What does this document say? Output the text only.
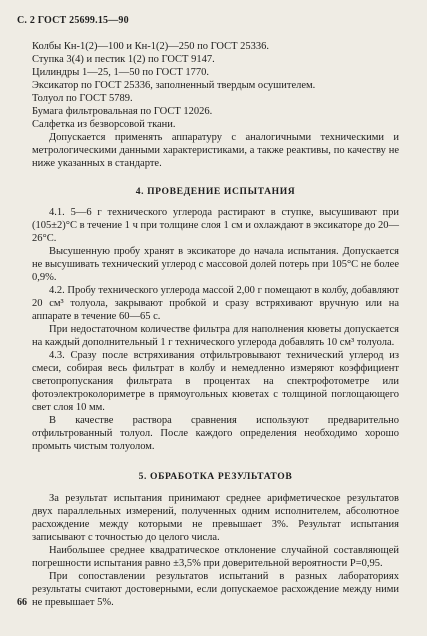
С. 2 ГОСТ 25699.15—90

Колбы Кн-1(2)—100 и Кн-1(2)—250 по ГОСТ 25336.

Ступка 3(4) и пестик 1(2) по ГОСТ 9147.

Цилиндры 1—25, 1—50 по ГОСТ 1770.

Эксикатор по ГОСТ 25336, заполненный твердым осушителем.

Толуол по ГОСТ 5789.

Бумага фильтровальная по ГОСТ 12026.

Салфетка из безворсовой ткани.

Допускается применять аппаратуру с аналогичными техническими и метрологическими данными характеристиками, а также реактивы, по качеству не ниже указанных в стандарте.

4. ПРОВЕДЕНИЕ ИСПЫТАНИЯ

4.1. 5—6 г технического углерода растирают в ступке, высушивают при (105±2)°С в течение 1 ч при толщине слоя 1 см и охлаждают в эксикаторе до 20—26°С.

Высушенную пробу хранят в эксикаторе до начала испытания. Допускается не высушивать технический углерод с массовой долей потерь при 105°С не более 0,9%.

4.2. Пробу технического углерода массой 2,00 г помещают в колбу, добавляют 20 см³ толуола, закрывают пробкой и сразу встряхивают вручную или на аппарате в течение 60—65 с.

При недостаточном количестве фильтра для наполнения кюветы допускается на каждый дополнительный 1 г технического углерода добавлять 10 см³ толуола.

4.3. Сразу после встряхивания отфильтровывают технический углерод из смеси, собирая весь фильтрат в колбу и немедленно измеряют коэффициент светопропускания фильтрата в процентах на спектрофотометре или фотоэлектроколориметре в прямоугольных кюветах с толщиной поглощающего свет слоя 10 мм.

В качестве раствора сравнения используют предварительно отфильтрованный толуол. После каждого определения необходимо хорошо промыть чистым толуолом.

5. ОБРАБОТКА РЕЗУЛЬТАТОВ

За результат испытания принимают среднее арифметическое результатов двух параллельных измерений, полученных одним исполнителем, абсолютное расхождение между которыми не превышает 3%. Результат испытания записывают с точностью до целого числа.

Наибольшее среднее квадратическое отклонение случайной составляющей погрешности испытания равно ±3,5% при доверительной вероятности P=0,95.

При сопоставлении результатов испытаний в разных лабораториях результаты считают достоверными, если допускаемое расхождение между ними не превышает 5%.

66
